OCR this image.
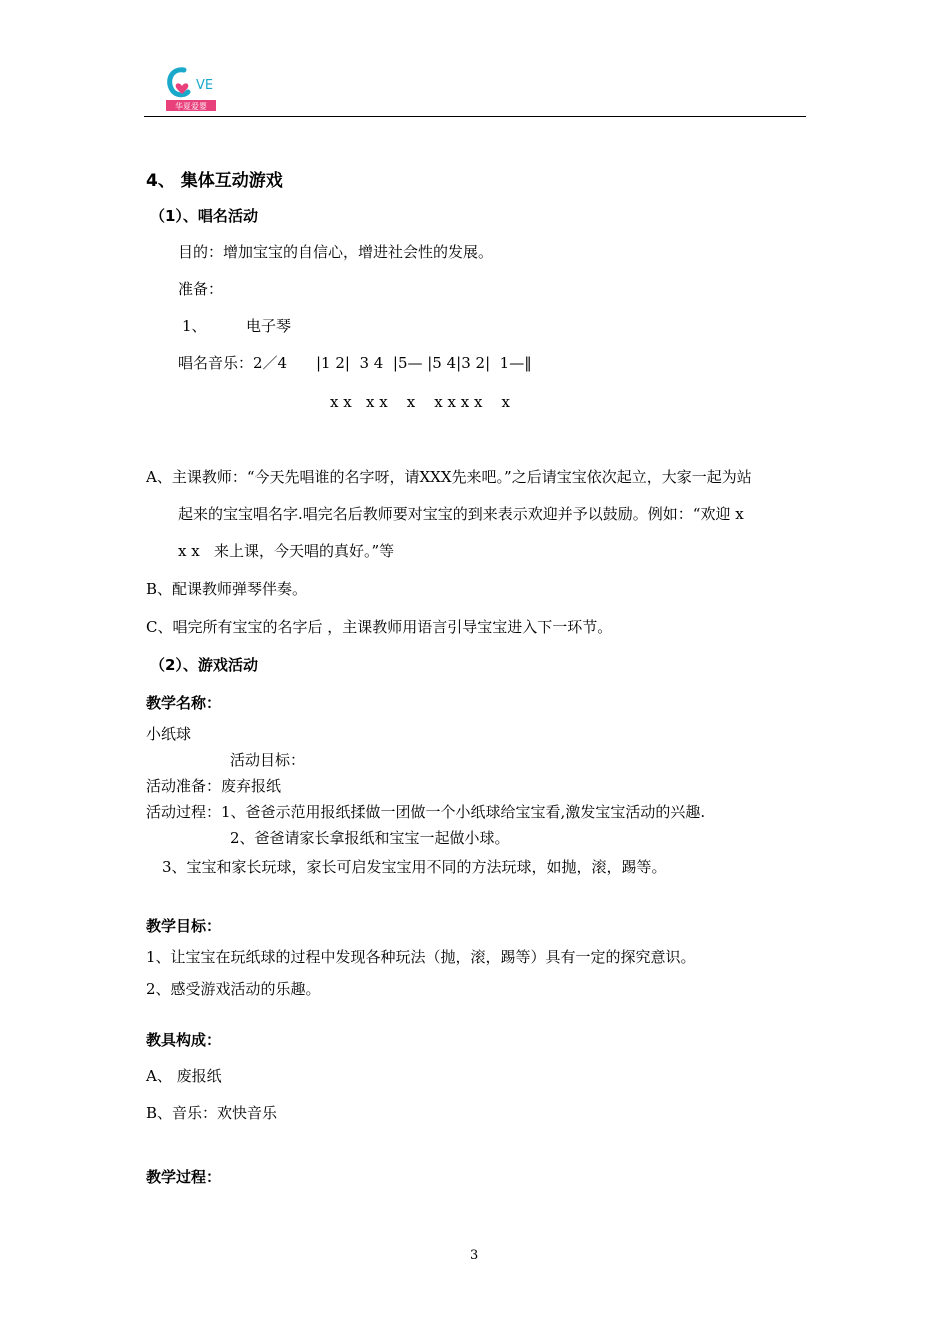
VE
华夏爱婴
4、 集体互动游戏
（1）、唱名活动
目的：增加宝宝的自信心，增进社会性的发展。
准备：
1、	电子琴
唱名音乐：2／4 |1 2|  3 4  |5— |5 4|3 2|  1—‖
x x   x x    x    x x x x    x
A、主课教师：“今天先唱谁的名字呀，请XXX先来吧。”之后请宝宝依次起立，大家一起为站
起来的宝宝唱名字.唱完名后教师要对宝宝的到来表示欢迎并予以鼓励。例如：“欢迎 x
x x   来上课，今天唱的真好。”等
B、配课教师弹琴伴奏。
C、唱完所有宝宝的名字后 ，主课教师用语言引导宝宝进入下一环节。
（2）、游戏活动
教学名称：
小纸球
活动目标：
活动准备：废弃报纸
活动过程：1、爸爸示范用报纸揉做一团做一个小纸球给宝宝看,激发宝宝活动的兴趣.
2、爸爸请家长拿报纸和宝宝一起做小球。
3、宝宝和家长玩球，家长可启发宝宝用不同的方法玩球，如抛，滚，踢等。
教学目标：
1、让宝宝在玩纸球的过程中发现各种玩法（抛，滚，踢等）具有一定的探究意识。
2、感受游戏活动的乐趣。
教具构成：
A、 废报纸
B、音乐：欢快音乐
教学过程：
3
